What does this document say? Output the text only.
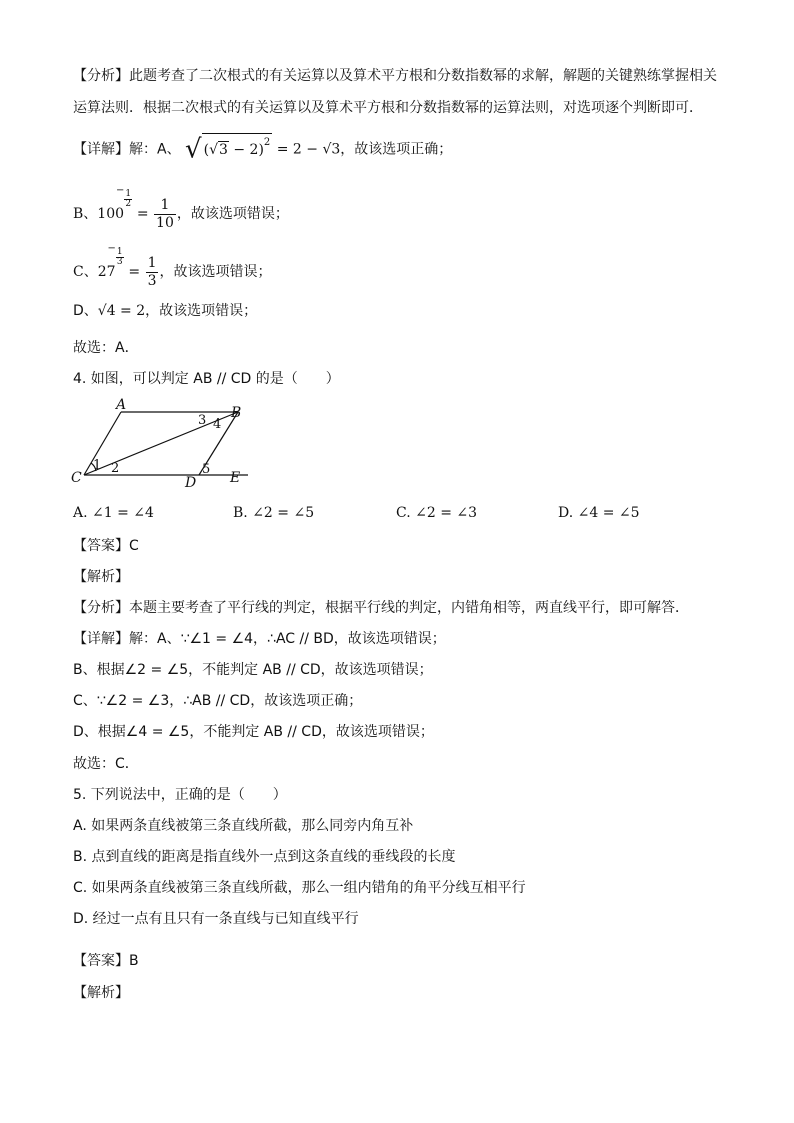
【分析】此题考查了二次根式的有关运算以及算术平方根和分数指数幂的求解，解题的关键熟练掌握相关
运算法则．根据二次根式的有关运算以及算术平方根和分数指数幂的运算法则，对选项逐个判断即可．
【详解】解：A、 √ $(√3 - 2)^2 = 2 - √3$，故该选项正确；
B、100− 1
2
= $\frac{1}{10}$ ，故该选项错误；
C、27− 1
3
= $\frac{1}{3}$ ，故该选项错误；
D、√4 = 2，故该选项错误；
故选：A．
4. 如图，可以判定 AB // CD 的是（　　）
A	B
C	D E
1 2
3 4
5
A. ∠1 = ∠4	B. ∠2 = ∠5	C. ∠2 = ∠3	D. ∠4 = ∠5
【答案】C
【解析】
【分析】本题主要考查了平行线的判定，根据平行线的判定，内错角相等，两直线平行，即可解答．
【详解】解：A、∵∠1 = ∠4，∴AC // BD，故该选项错误；
B、根据∠2 = ∠5，不能判定 AB // CD，故该选项错误；
C、∵∠2 = ∠3，∴AB // CD，故该选项正确；
D、根据∠4 = ∠5，不能判定 AB // CD，故该选项错误；
故选：C．
5. 下列说法中，正确的是（　　）
A. 如果两条直线被第三条直线所截，那么同旁内角互补
B. 点到直线的距离是指直线外一点到这条直线的垂线段的长度
C. 如果两条直线被第三条直线所截，那么一组内错角的角平分线互相平行
D. 经过一点有且只有一条直线与已知直线平行
【答案】B
【解析】
